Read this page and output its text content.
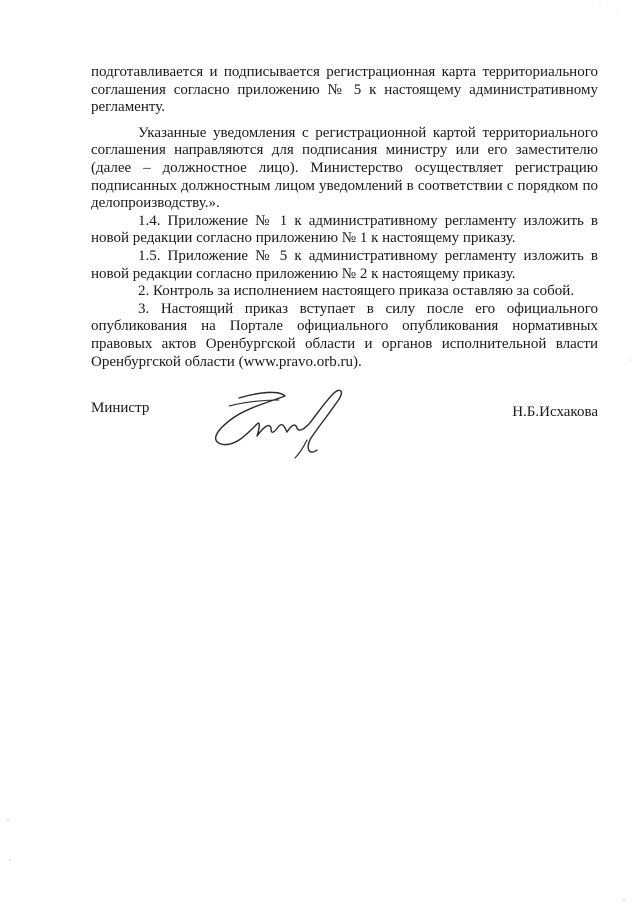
подготавливается и подписывается регистрационная карта территориального соглашения согласно приложению № 5 к настоящему административному регламенту.

Указанные уведомления с регистрационной картой территориального соглашения направляются для подписания министру или его заместителю (далее – должностное лицо). Министерство осуществляет регистрацию подписанных должностным лицом уведомлений в соответствии с порядком по делопроизводству.».

1.4. Приложение № 1 к административному регламенту изложить в новой редакции согласно приложению № 1 к настоящему приказу.

1.5. Приложение № 5 к административному регламенту изложить в новой редакции согласно приложению № 2 к настоящему приказу.

2. Контроль за исполнением настоящего приказа оставляю за собой.

3. Настоящий приказ вступает в силу после его официального опубликования на Портале официального опубликования нормативных правовых актов Оренбургской области и органов исполнительной власти Оренбургской области (www.pravo.orb.ru).

Министр	Н.Б.Исхакова
